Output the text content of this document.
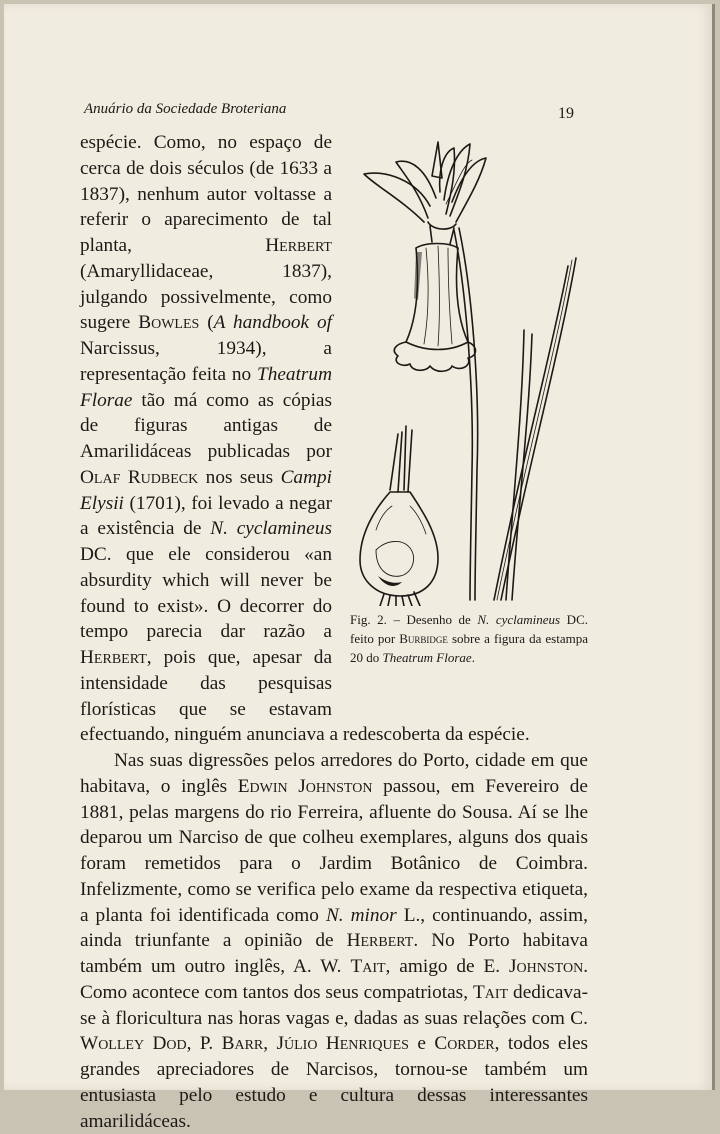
Anuário da Sociedade Broteriana	19
Fig. 2. – Desenho de N. cyclamineus DC. feito por Burbidge sobre a figura da estampa 20 do Theatrum Florae.

espécie. Como, no espaço de cerca de dois séculos (de 1633 a 1837), nenhum autor voltasse a referir o aparecimento de tal planta, Herbert (Amaryllidaceae, 1837), julgando possivelmente, como sugere Bowles (A handbook of Narcissus, 1934), a representação feita no Theatrum Florae tão má como as cópias de figuras antigas de Amarilidáceas publicadas por Olaf Rudbeck nos seus Campi Elysii (1701), foi levado a negar a existência de N. cyclamineus DC. que ele considerou «an absurdity which will never be found to exist». O decorrer do tempo parecia dar razão a Herbert, pois que, apesar da intensidade das pesquisas florísticas que se estavam efectuando, ninguém anunciava a redescoberta da espécie.

Nas suas digressões pelos arredores do Porto, cidade em que habitava, o inglês Edwin Johnston passou, em Fevereiro de 1881, pelas margens do rio Ferreira, afluente do Sousa. Aí se lhe deparou um Narciso de que colheu exemplares, alguns dos quais foram remetidos para o Jardim Botânico de Coimbra. Infelizmente, como se verifica pelo exame da respectiva etiqueta, a planta foi identificada como N. minor L., continuando, assim, ainda triunfante a opinião de Herbert. No Porto habitava também um outro inglês, A. W. Tait, amigo de E. Johnston. Como acontece com tantos dos seus compatriotas, Tait dedicava-se à floricultura nas horas vagas e, dadas as suas relações com C. Wolley Dod, P. Barr, Júlio Henriques e Corder, todos eles grandes apreciadores de Narcisos, tornou-se também um entusiasta pelo estudo e cultura dessas interessantes amarilidáceas.
